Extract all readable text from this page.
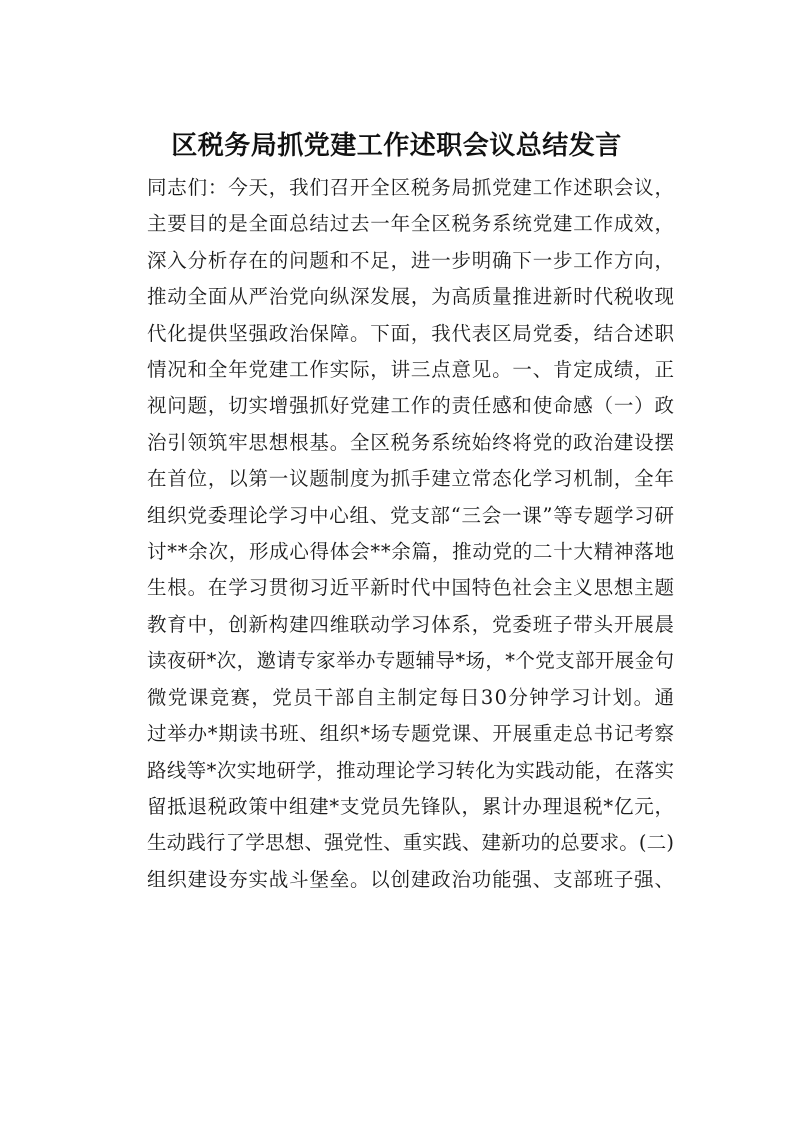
区税务局抓党建工作述职会议总结发言
同志们：今天，我们召开全区税务局抓党建工作述职会议，
主要目的是全面总结过去一年全区税务系统党建工作成效，
深入分析存在的问题和不足，进一步明确下一步工作方向，
推动全面从严治党向纵深发展，为高质量推进新时代税收现
代化提供坚强政治保障。下面，我代表区局党委，结合述职
情况和全年党建工作实际，讲三点意见。一、肯定成绩，正
视问题，切实增强抓好党建工作的责任感和使命感（一）政
治引领筑牢思想根基。全区税务系统始终将党的政治建设摆
在首位，以第一议题制度为抓手建立常态化学习机制，全年
组织党委理论学习中心组、党支部“三会一课”等专题学习研
讨**余次，形成心得体会**余篇，推动党的二十大精神落地
生根。在学习贯彻习近平新时代中国特色社会主义思想主题
教育中，创新构建四维联动学习体系，党委班子带头开展晨
读夜研*次，邀请专家举办专题辅导*场，*个党支部开展金句
微党课竞赛，党员干部自主制定每日30分钟学习计划。通
过举办*期读书班、组织*场专题党课、开展重走总书记考察
路线等*次实地研学，推动理论学习转化为实践动能，在落实
留抵退税政策中组建*支党员先锋队，累计办理退税*亿元，
生动践行了学思想、强党性、重实践、建新功的总要求。(二)
组织建设夯实战斗堡垒。以创建政治功能强、支部班子强、
